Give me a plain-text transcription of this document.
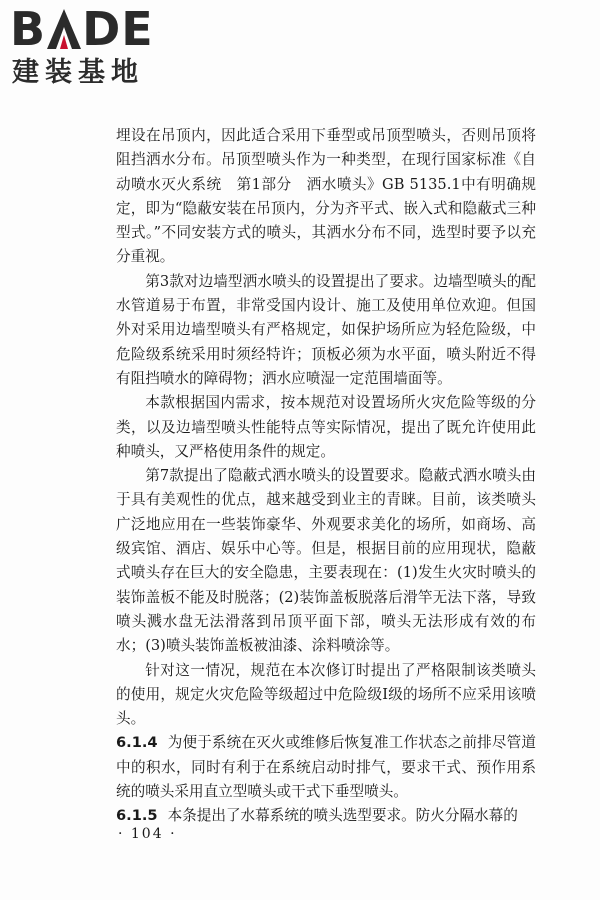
B DE
建装基地

埋设在吊顶内，因此适合采用下垂型或吊顶型喷头，否则吊顶将阻挡洒水分布。吊顶型喷头作为一种类型，在现行国家标准《自动喷水灭火系统　第1部分　洒水喷头》GB 5135.1中有明确规定，即为“隐蔽安装在吊顶内，分为齐平式、嵌入式和隐蔽式三种型式。”不同安装方式的喷头，其洒水分布不同，选型时要予以充分重视。

第3款对边墙型洒水喷头的设置提出了要求。边墙型喷头的配水管道易于布置，非常受国内设计、施工及使用单位欢迎。但国外对采用边墙型喷头有严格规定，如保护场所应为轻危险级，中危险级系统采用时须经特许；顶板必须为水平面，喷头附近不得有阻挡喷水的障碍物；洒水应喷湿一定范围墙面等。

本款根据国内需求，按本规范对设置场所火灾危险等级的分类，以及边墙型喷头性能特点等实际情况，提出了既允许使用此种喷头，又严格使用条件的规定。

第7款提出了隐蔽式洒水喷头的设置要求。隐蔽式洒水喷头由于具有美观性的优点，越来越受到业主的青睐。目前，该类喷头广泛地应用在一些装饰豪华、外观要求美化的场所，如商场、高级宾馆、酒店、娱乐中心等。但是，根据目前的应用现状，隐蔽式喷头存在巨大的安全隐患，主要表现在：(1)发生火灾时喷头的装饰盖板不能及时脱落；(2)装饰盖板脱落后滑竿无法下落，导致喷头溅水盘无法滑落到吊顶平面下部，喷头无法形成有效的布水；(3)喷头装饰盖板被油漆、涂料喷涂等。

针对这一情况，规范在本次修订时提出了严格限制该类喷头的使用，规定火灾危险等级超过中危险级Ⅰ级的场所不应采用该喷头。

6.1.4 为便于系统在灭火或维修后恢复准工作状态之前排尽管道中的积水，同时有利于在系统启动时排气，要求干式、预作用系统的喷头采用直立型喷头或干式下垂型喷头。

6.1.5 本条提出了水幕系统的喷头选型要求。防火分隔水幕的

· 104 ·
